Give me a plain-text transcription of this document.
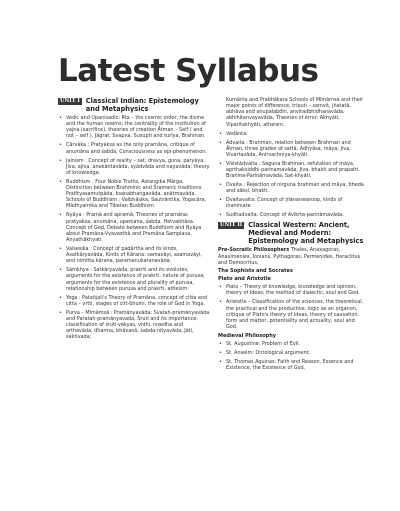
Latest Syllabus
UNIT I Classical Indian: Epistemology and Metaphysics
• Vedic and Upanisadic: Rta – the cosmic order, the divine and the human realms; the centrality of the institution of yajna (sacrifice), theories of creation Ātman – Self ( and not – self ), Jāgrat, Svapna, Susupti and turīya, Brahman.
• Cārvāka : Pratyaksa as the only pramāna, critique of anumāna and śabda, Consciousness as epi-phenomenon.
• Jainism : Concept of reality – sat, dravya, guna, paryāya, Jīva, ajīva, anekāntavāda, syādvāda and nayavāda; theory of knowledge.
• Buddhism : Four Noble Truths, Āstangika Mārga, Distinction between Brahminic and Śramanic traditions. Pratītyasamutpāda, ksanabhangavāda, anātmavāda. Schools of Buddhism : Vaibhāsika, Sautrāntika, Yogacāra, Mādhyamika and Tibetan Buddhism.
• Nyāya : Pramā and apramā, Theories of pramāna: pratyaksa, anumāna, upamana, śabda. Hetvabhāsa. Concept of God. Debate between Buddhism and Nyāya about Pramāna-Vyavasthā and Pramāna Samplava. Anyathākhyati.
• Vaiśesika : Concept of padārtha and its kinds, Asatkāryavāda, Kinds of Kārana: samavāyi, asamavāyi, and nimitta kārana, paramanukaranavāda.
• Sāmkhya : Satkāryavāda, prakrti and its evolutes, arguments for the existence of prakrti, nature of purusa, arguments for the existence and plurality of purusa, relationship between purusa and prakrti, atheism.
• Yoga : Patañjali's Theory of Pramāna, concept of citta and citta – vrtti, stages of citt-bhumi, the role of God in Yoga.
• Purva – Mīmāmsā : Pramānyavāda: Svatah-pramānyavāda and Paratah-pramānyavada, Śruti and its importance, classification of śruti-vākyas, vidhi, nisedha and arthavāda, dharma, bhāvanā, śabda-nityavāda, Jāti, śaktivada;
Kumārila and Prabhākara Schools of Mīmāmsa and their major points of difference, triputi – samvit, jñatatā, abhāva and anupalabdhi, anvitadbhidhanavāda, abhihitanvayavāda, Theories of error: Akhyāti, Viparitakhyāti, atheism.
• Vedānta:
• Advaita : Brahman, relation between Brahman and Ātman, three grades of sattā, Adhyāsa, māya, Jiva, Vivartavāda, Anirvachniya-khyāti.
• Viśistādvaita : Saguna Brahman, refutation of māya, aprthaksiddhi parinamavāda, Jiva, bhakti and prapatti, Brahma-Parināmavāda, Sat-khyāti.
• Dvaita : Rejection of nirguna brahman and māya, bheda and sākṣi, bhakti.
• Dvaitavaita: Concept of jñānanwaroop, kinds of inanimate
• Sudhadvaita: Concept of Avikrta-parināmavāda.
UNIT II Classical Western: Ancient, Medieval and Modern: Epistemology and Metaphysics
Pre-Socratic Philosophers Thales, Anaxagoras, Anaximenies, Ionians, Pythagoras, Parmenides, Heraclitus and Democritus,
The Sophists and Socrates
Plato and Aristotle
• Plato – Theory of knowledge, knowledge and opinion, theory of Ideas; the method of dialectic, soul and God.
• Aristotle – Classification of the sciences, the theoretical, the practical and the productive, logic as an organon, critique of Plato's theory of Ideas, theory of causation, form and matter, potentiality and actuality, soul and God.
Medieval Philosophy
• St. Augustine: Problem of Evil.
• St. Anselm: Ontological argument.
• St. Thomas Aquinas: Faith and Reason, Essence and Existence, the Existence of God.
